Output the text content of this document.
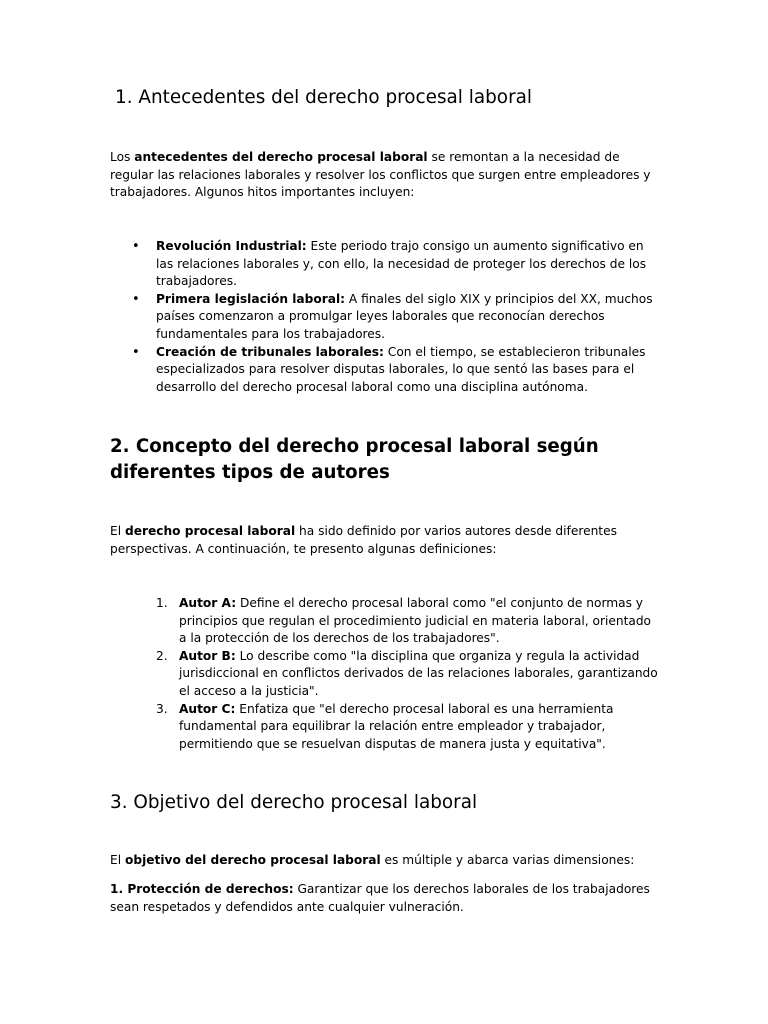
1. Antecedentes del derecho procesal laboral

Los antecedentes del derecho procesal laboral se remontan a la necesidad de regular las relaciones laborales y resolver los conflictos que surgen entre empleadores y trabajadores. Algunos hitos importantes incluyen:

• Revolución Industrial: Este periodo trajo consigo un aumento significativo en las relaciones laborales y, con ello, la necesidad de proteger los derechos de los trabajadores.
• Primera legislación laboral: A finales del siglo XIX y principios del XX, muchos países comenzaron a promulgar leyes laborales que reconocían derechos fundamentales para los trabajadores.
• Creación de tribunales laborales: Con el tiempo, se establecieron tribunales especializados para resolver disputas laborales, lo que sentó las bases para el desarrollo del derecho procesal laboral como una disciplina autónoma.
2. Concepto del derecho procesal laboral según diferentes tipos de autores

El derecho procesal laboral ha sido definido por varios autores desde diferentes perspectivas. A continuación, te presento algunas definiciones:

1. Autor A: Define el derecho procesal laboral como "el conjunto de normas y principios que regulan el procedimiento judicial en materia laboral, orientado a la protección de los derechos de los trabajadores".
2. Autor B: Lo describe como "la disciplina que organiza y regula la actividad jurisdiccional en conflictos derivados de las relaciones laborales, garantizando el acceso a la justicia".
3. Autor C: Enfatiza que "el derecho procesal laboral es una herramienta fundamental para equilibrar la relación entre empleador y trabajador, permitiendo que se resuelvan disputas de manera justa y equitativa".
3. Objetivo del derecho procesal laboral

El objetivo del derecho procesal laboral es múltiple y abarca varias dimensiones:

1. Protección de derechos: Garantizar que los derechos laborales de los trabajadores sean respetados y defendidos ante cualquier vulneración.
